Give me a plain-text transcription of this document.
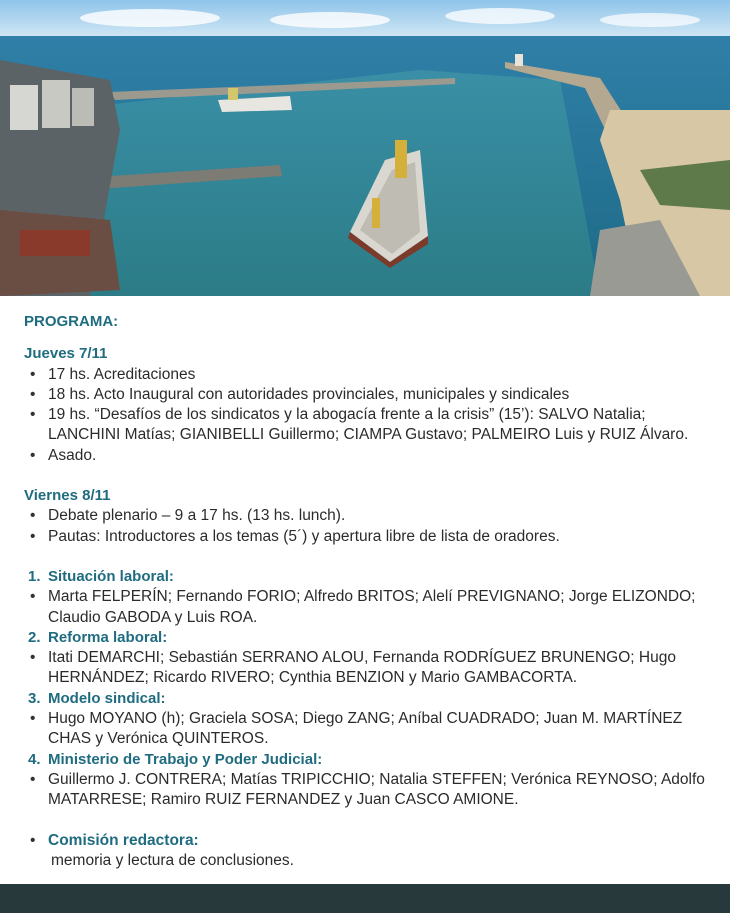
PROGRAMA:
Jueves 7/11
• 17 hs. Acreditaciones
• 18 hs. Acto Inaugural con autoridades provinciales, municipales y sindicales
• 19 hs. “Desafíos de los sindicatos y la abogacía frente a la crisis” (15’): SALVO Natalia; LANCHINI Matías; GIANIBELLI Guillermo; CIAMPA Gustavo; PALMEIRO Luis y RUIZ Álvaro.
• Asado.
Viernes 8/11
• Debate plenario – 9 a 17 hs. (13 hs. lunch).
• Pautas: Introductores a los temas (5´) y apertura libre de lista de oradores.
1. Situación laboral:
• Marta FELPERÍN; Fernando FORIO; Alfredo BRITOS; Alelí PREVIGNANO; Jorge ELIZONDO; Claudio GABODA y Luis ROA.
2. Reforma laboral:
• Itati DEMARCHI; Sebastián SERRANO ALOU, Fernanda RODRÍGUEZ BRUNENGO; Hugo HERNÁNDEZ; Ricardo RIVERO; Cynthia BENZION y Mario GAMBACORTA.
3. Modelo sindical:
• Hugo MOYANO (h); Graciela SOSA; Diego ZANG; Aníbal CUADRADO; Juan M. MARTÍNEZ CHAS y Verónica QUINTEROS.
4. Ministerio de Trabajo y Poder Judicial:
• Guillermo J. CONTRERA; Matías TRIPICCHIO; Natalia STEFFEN; Verónica REYNOSO; Adolfo MATARRESE; Ramiro RUIZ FERNANDEZ y Juan CASCO AMIONE.
• Comisión redactora:
memoria y lectura de conclusiones.
